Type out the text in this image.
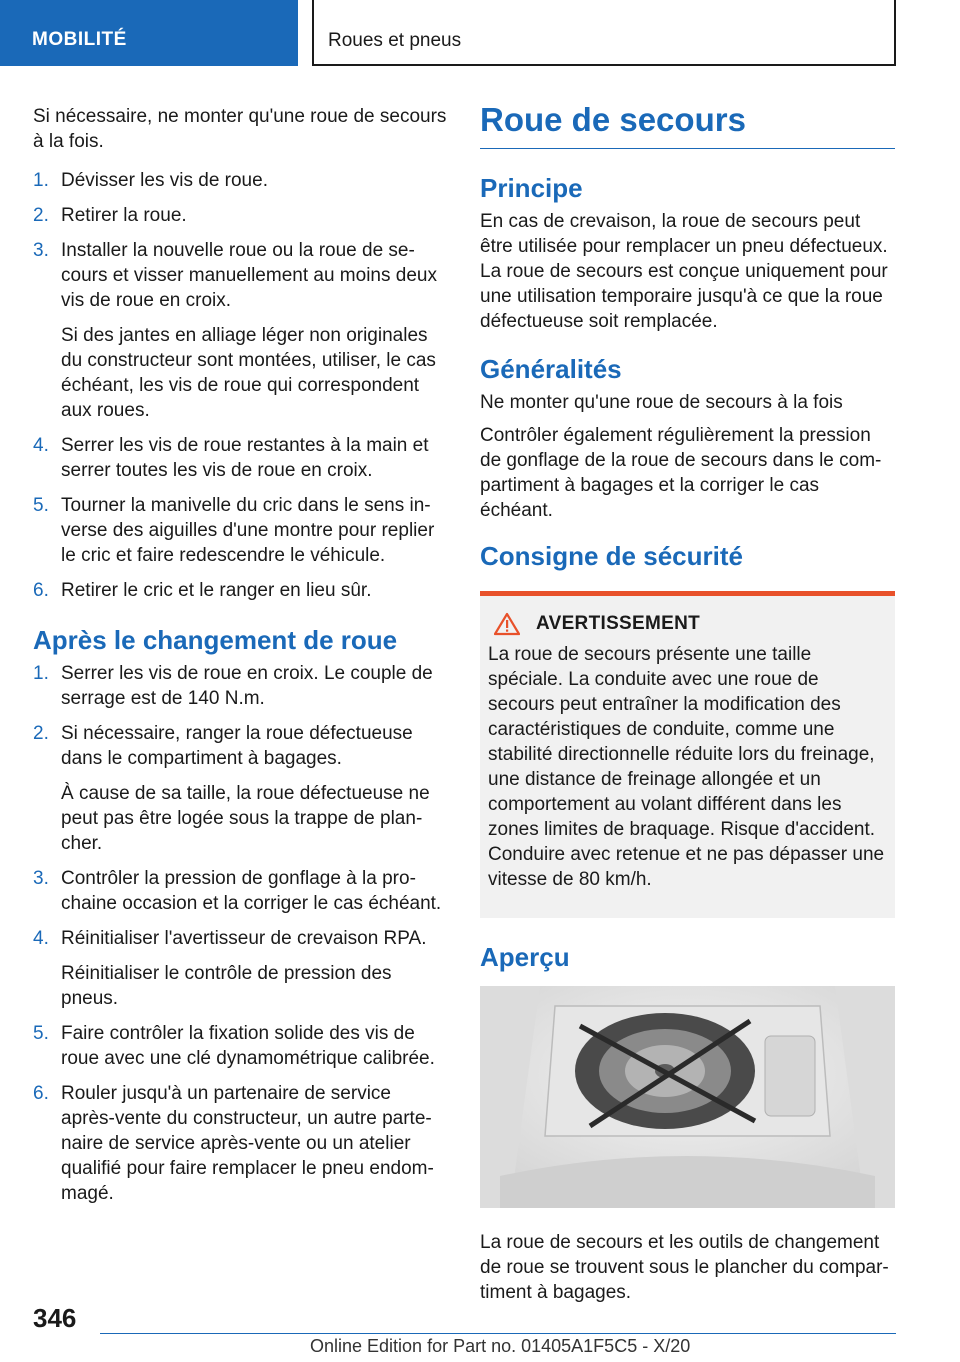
MOBILITÉ	Roues et pneus

Si nécessaire, ne monter qu'une roue de secours à la fois.

1. Dévisser les vis de roue.
2. Retirer la roue.
3. Installer la nouvelle roue ou la roue de secours et visser manuellement au moins deux vis de roue en croix.
Si des jantes en alliage léger non originales du constructeur sont montées, utiliser, le cas échéant, les vis de roue qui correspondent aux roues.
4. Serrer les vis de roue restantes à la main et serrer toutes les vis de roue en croix.
5. Tourner la manivelle du cric dans le sens inverse des aiguilles d'une montre pour replier le cric et faire redescendre le véhicule.
6. Retirer le cric et le ranger en lieu sûr.
Après le changement de roue
1. Serrer les vis de roue en croix. Le couple de serrage est de 140 N.m.
2. Si nécessaire, ranger la roue défectueuse dans le compartiment à bagages.
À cause de sa taille, la roue défectueuse ne peut pas être logée sous la trappe de plancher.
3. Contrôler la pression de gonflage à la prochaine occasion et la corriger le cas échéant.
4. Réinitialiser l'avertisseur de crevaison RPA.
Réinitialiser le contrôle de pression des pneus.
5. Faire contrôler la fixation solide des vis de roue avec une clé dynamométrique calibrée.
6. Rouler jusqu'à un partenaire de service après-vente du constructeur, un autre partenaire de service après-vente ou un atelier qualifié pour faire remplacer le pneu endommagé.
Roue de secours
Principe

En cas de crevaison, la roue de secours peut être utilisée pour remplacer un pneu défectueux. La roue de secours est conçue uniquement pour une utilisation temporaire jusqu'à ce que la roue défectueuse soit remplacée.

Généralités

Ne monter qu'une roue de secours à la fois

Contrôler également régulièrement la pression de gonflage de la roue de secours dans le compartiment à bagages et la corriger le cas échéant.

Consigne de sécurité
AVERTISSEMENT

La roue de secours présente une taille spéciale. La conduite avec une roue de secours peut entraîner la modification des caractéristiques de conduite, comme une stabilité directionnelle réduite lors du freinage, une distance de freinage allongée et un comportement au volant différent dans les zones limites de braquage. Risque d'accident. Conduire avec retenue et ne pas dépasser une vitesse de 80 km/h.

Aperçu

La roue de secours et les outils de changement de roue se trouvent sous le plancher du compartiment à bagages.

346
Online Edition for Part no. 01405A1F5C5 - X/20
